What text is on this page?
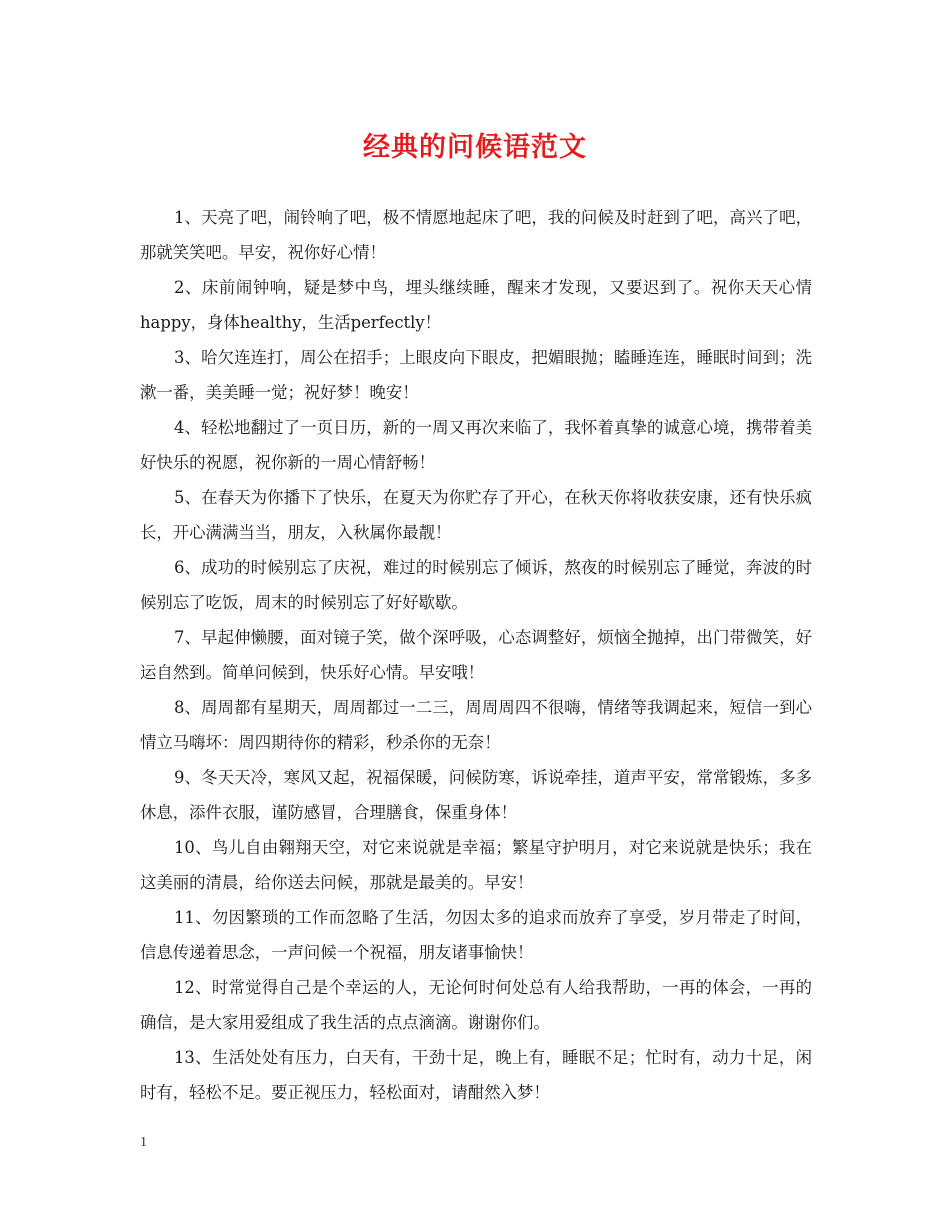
经典的问候语范文

1、天亮了吧，闹铃响了吧，极不情愿地起床了吧，我的问候及时赶到了吧，高兴了吧，那就笑笑吧。早安，祝你好心情！

2、床前闹钟响，疑是梦中鸟，埋头继续睡，醒来才发现，又要迟到了。祝你天天心情happy，身体healthy，生活perfectly！

3、哈欠连连打，周公在招手；上眼皮向下眼皮，把媚眼抛；瞌睡连连，睡眠时间到；洗漱一番，美美睡一觉；祝好梦！晚安！

4、轻松地翻过了一页日历，新的一周又再次来临了，我怀着真挚的诚意心境，携带着美好快乐的祝愿，祝你新的一周心情舒畅！

5、在春天为你播下了快乐，在夏天为你贮存了开心，在秋天你将收获安康，还有快乐疯长，开心满满当当，朋友，入秋属你最靓！

6、成功的时候别忘了庆祝，难过的时候别忘了倾诉，熬夜的时候别忘了睡觉，奔波的时候别忘了吃饭，周末的时候别忘了好好歇歇。

7、早起伸懒腰，面对镜子笑，做个深呼吸，心态调整好，烦恼全抛掉，出门带微笑，好运自然到。简单问候到，快乐好心情。早安哦！

8、周周都有星期天，周周都过一二三，周周周四不很嗨，情绪等我调起来，短信一到心情立马嗨坏：周四期待你的精彩，秒杀你的无奈！

9、冬天天冷，寒风又起，祝福保暖，问候防寒，诉说牵挂，道声平安，常常锻炼，多多休息，添件衣服，谨防感冒，合理膳食，保重身体！

10、鸟儿自由翱翔天空，对它来说就是幸福；繁星守护明月，对它来说就是快乐；我在这美丽的清晨，给你送去问候，那就是最美的。早安！

11、勿因繁琐的工作而忽略了生活，勿因太多的追求而放弃了享受，岁月带走了时间，信息传递着思念，一声问候一个祝福，朋友诸事愉快！

12、时常觉得自己是个幸运的人，无论何时何处总有人给我帮助，一再的体会，一再的确信，是大家用爱组成了我生活的点点滴滴。谢谢你们。

13、生活处处有压力，白天有，干劲十足，晚上有，睡眠不足；忙时有，动力十足，闲时有，轻松不足。要正视压力，轻松面对，请酣然入梦！

1
